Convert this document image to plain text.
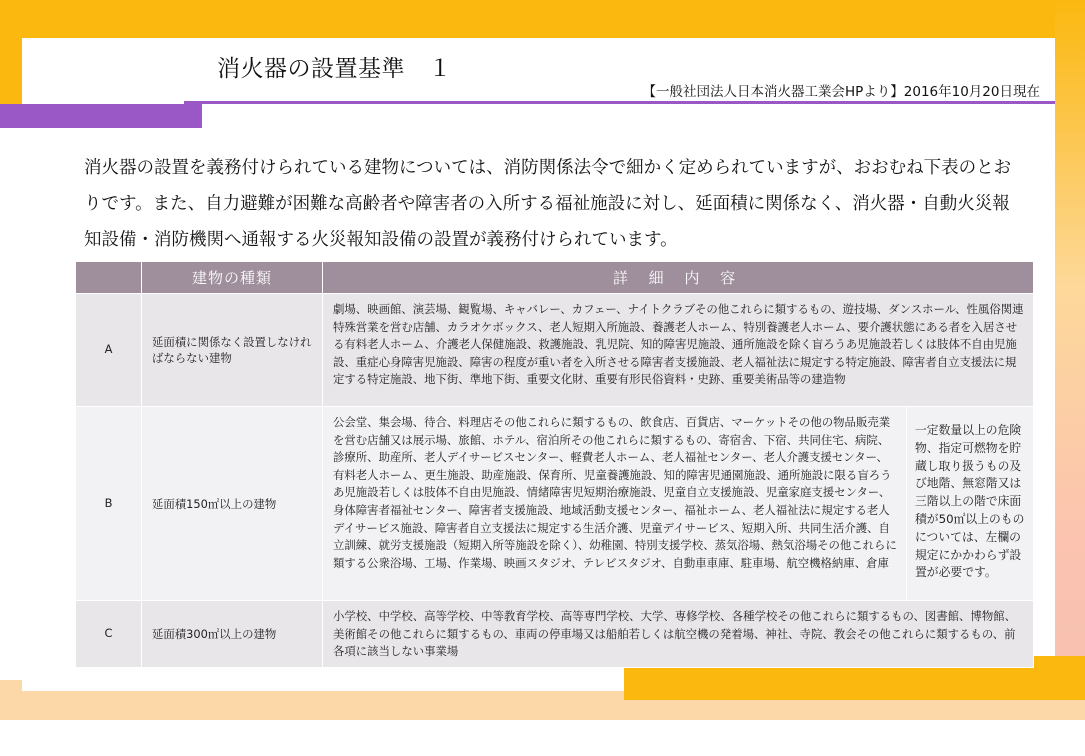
消火器の設置基準　１
【一般社団法人日本消火器工業会HPより】2016年10月20日現在

消火器の設置を義務付けられている建物については、消防関係法令で細かく定められていますが、おおむね下表のとおりです。また、自力避難が困難な高齢者や障害者の入所する福祉施設に対し、延面積に関係なく、消火器・自動火災報知設備・消防機関へ通報する火災報知設備の設置が義務付けられています。

	建物の種類	詳 細 内 容	
A	延面積に関係なく設置しなければならない建物	劇場、映画館、演芸場、観覧場、キャバレー、カフェー、ナイトクラブその他これらに類するもの、遊技場、ダンスホール、性風俗関連特殊営業を営む店舗、カラオケボックス、老人短期入所施設、養護老人ホーム、特別養護老人ホーム、要介護状態にある者を入居させる有料老人ホーム、介護老人保健施設、救護施設、乳児院、知的障害児施設、通所施設を除く盲ろうあ児施設若しくは肢体不自由児施設、重症心身障害児施設、障害の程度が重い者を入所させる障害者支援施設、老人福祉法に規定する特定施設、障害者自立支援法に規定する特定施設、地下街、準地下街、重要文化財、重要有形民俗資料・史跡、重要美術品等の建造物	
B	延面積150㎡以上の建物	公会堂、集会場、待合、料理店その他これらに類するもの、飲食店、百貨店、マーケットその他の物品販売業を営む店舗又は展示場、旅館、ホテル、宿泊所その他これらに類するもの、寄宿舎、下宿、共同住宅、病院、診療所、助産所、老人デイサービスセンター、軽費老人ホーム、老人福祉センター、老人介護支援センター、有料老人ホーム、更生施設、助産施設、保育所、児童養護施設、知的障害児通園施設、通所施設に限る盲ろうあ児施設若しくは肢体不自由児施設、情緒障害児短期治療施設、児童自立支援施設、児童家庭支援センター、身体障害者福祉センター、障害者支援施設、地域活動支援センター、福祉ホーム、老人福祉法に規定する老人デイサービス施設、障害者自立支援法に規定する生活介護、児童デイサービス、短期入所、共同生活介護、自立訓練、就労支援施設（短期入所等施設を除く）、幼稚園、特別支援学校、蒸気浴場、熱気浴場その他これらに類する公衆浴場、工場、作業場、映画スタジオ、テレビスタジオ、自動車車庫、駐車場、航空機格納庫、倉庫	一定数量以上の危険物、指定可燃物を貯蔵し取り扱うもの及び地階、無窓階又は三階以上の階で床面積が50㎡以上のものについては、左欄の規定にかかわらず設置が必要です。
C	延面積300㎡以上の建物	小学校、中学校、高等学校、中等教育学校、高等専門学校、大学、専修学校、各種学校その他これらに類するもの、図書館、博物館、美術館その他これらに類するもの、車両の停車場又は船舶若しくは航空機の発着場、神社、寺院、教会その他これらに類するもの、前各項に該当しない事業場	
